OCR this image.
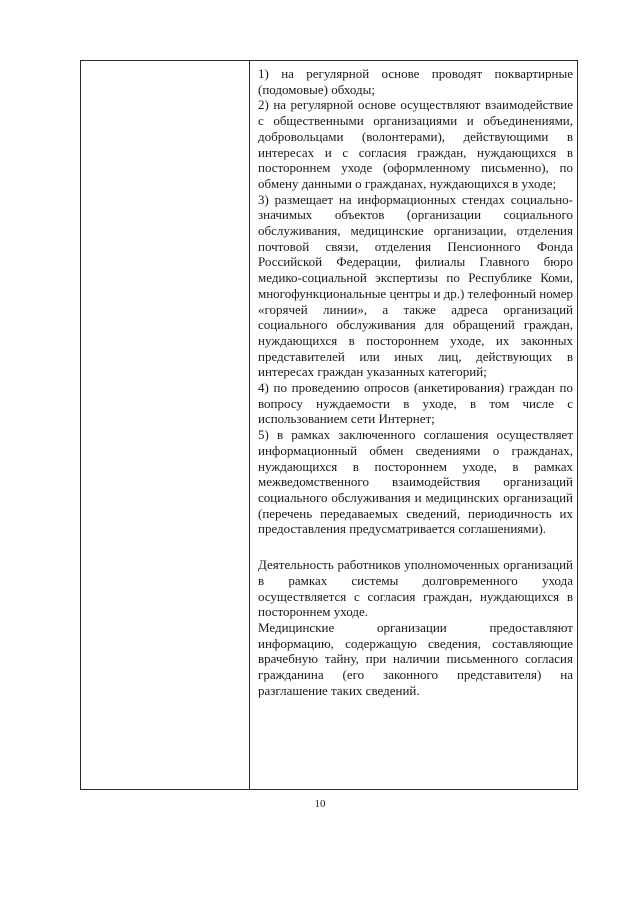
1) на регулярной основе проводят поквартирные (подомовые) обходы;

2) на регулярной основе осуществляют взаимодействие с общественными организациями и объединениями, добровольцами (волонтерами), действующими в интересах и с согласия граждан, нуждающихся в постороннем уходе (оформленному письменно), по обмену данными о гражданах, нуждающихся в уходе;

3) размещает на информационных стендах социально-значимых объектов (организации социального обслуживания, медицинские организации, отделения почтовой связи, отделения Пенсионного Фонда Российской Федерации, филиалы Главного бюро медико-социальной экспертизы по Республике Коми, многофункциональные центры и др.) телефонный номер «горячей линии», а также адреса организаций социального обслуживания для обращений граждан, нуждающихся в постороннем уходе, их законных представителей или иных лиц, действующих в интересах граждан указанных категорий;

4) по проведению опросов (анкетирования) граждан по вопросу нуждаемости в уходе, в том числе с использованием сети Интернет;

5) в рамках заключенного соглашения осуществляет информационный обмен сведениями о гражданах, нуждающихся в постороннем уходе, в рамках межведомственного взаимодействия организаций социального обслуживания и медицинских организаций (перечень передаваемых сведений, периодичность их предоставления предусматривается соглашениями).

Деятельность работников уполномоченных организаций в рамках системы долговременного ухода осуществляется с согласия граждан, нуждающихся в постороннем уходе.

Медицинские организации предоставляют информацию, содержащую сведения, составляющие врачебную тайну, при наличии письменного согласия гражданина (его законного представителя) на разглашение таких сведений.

10
